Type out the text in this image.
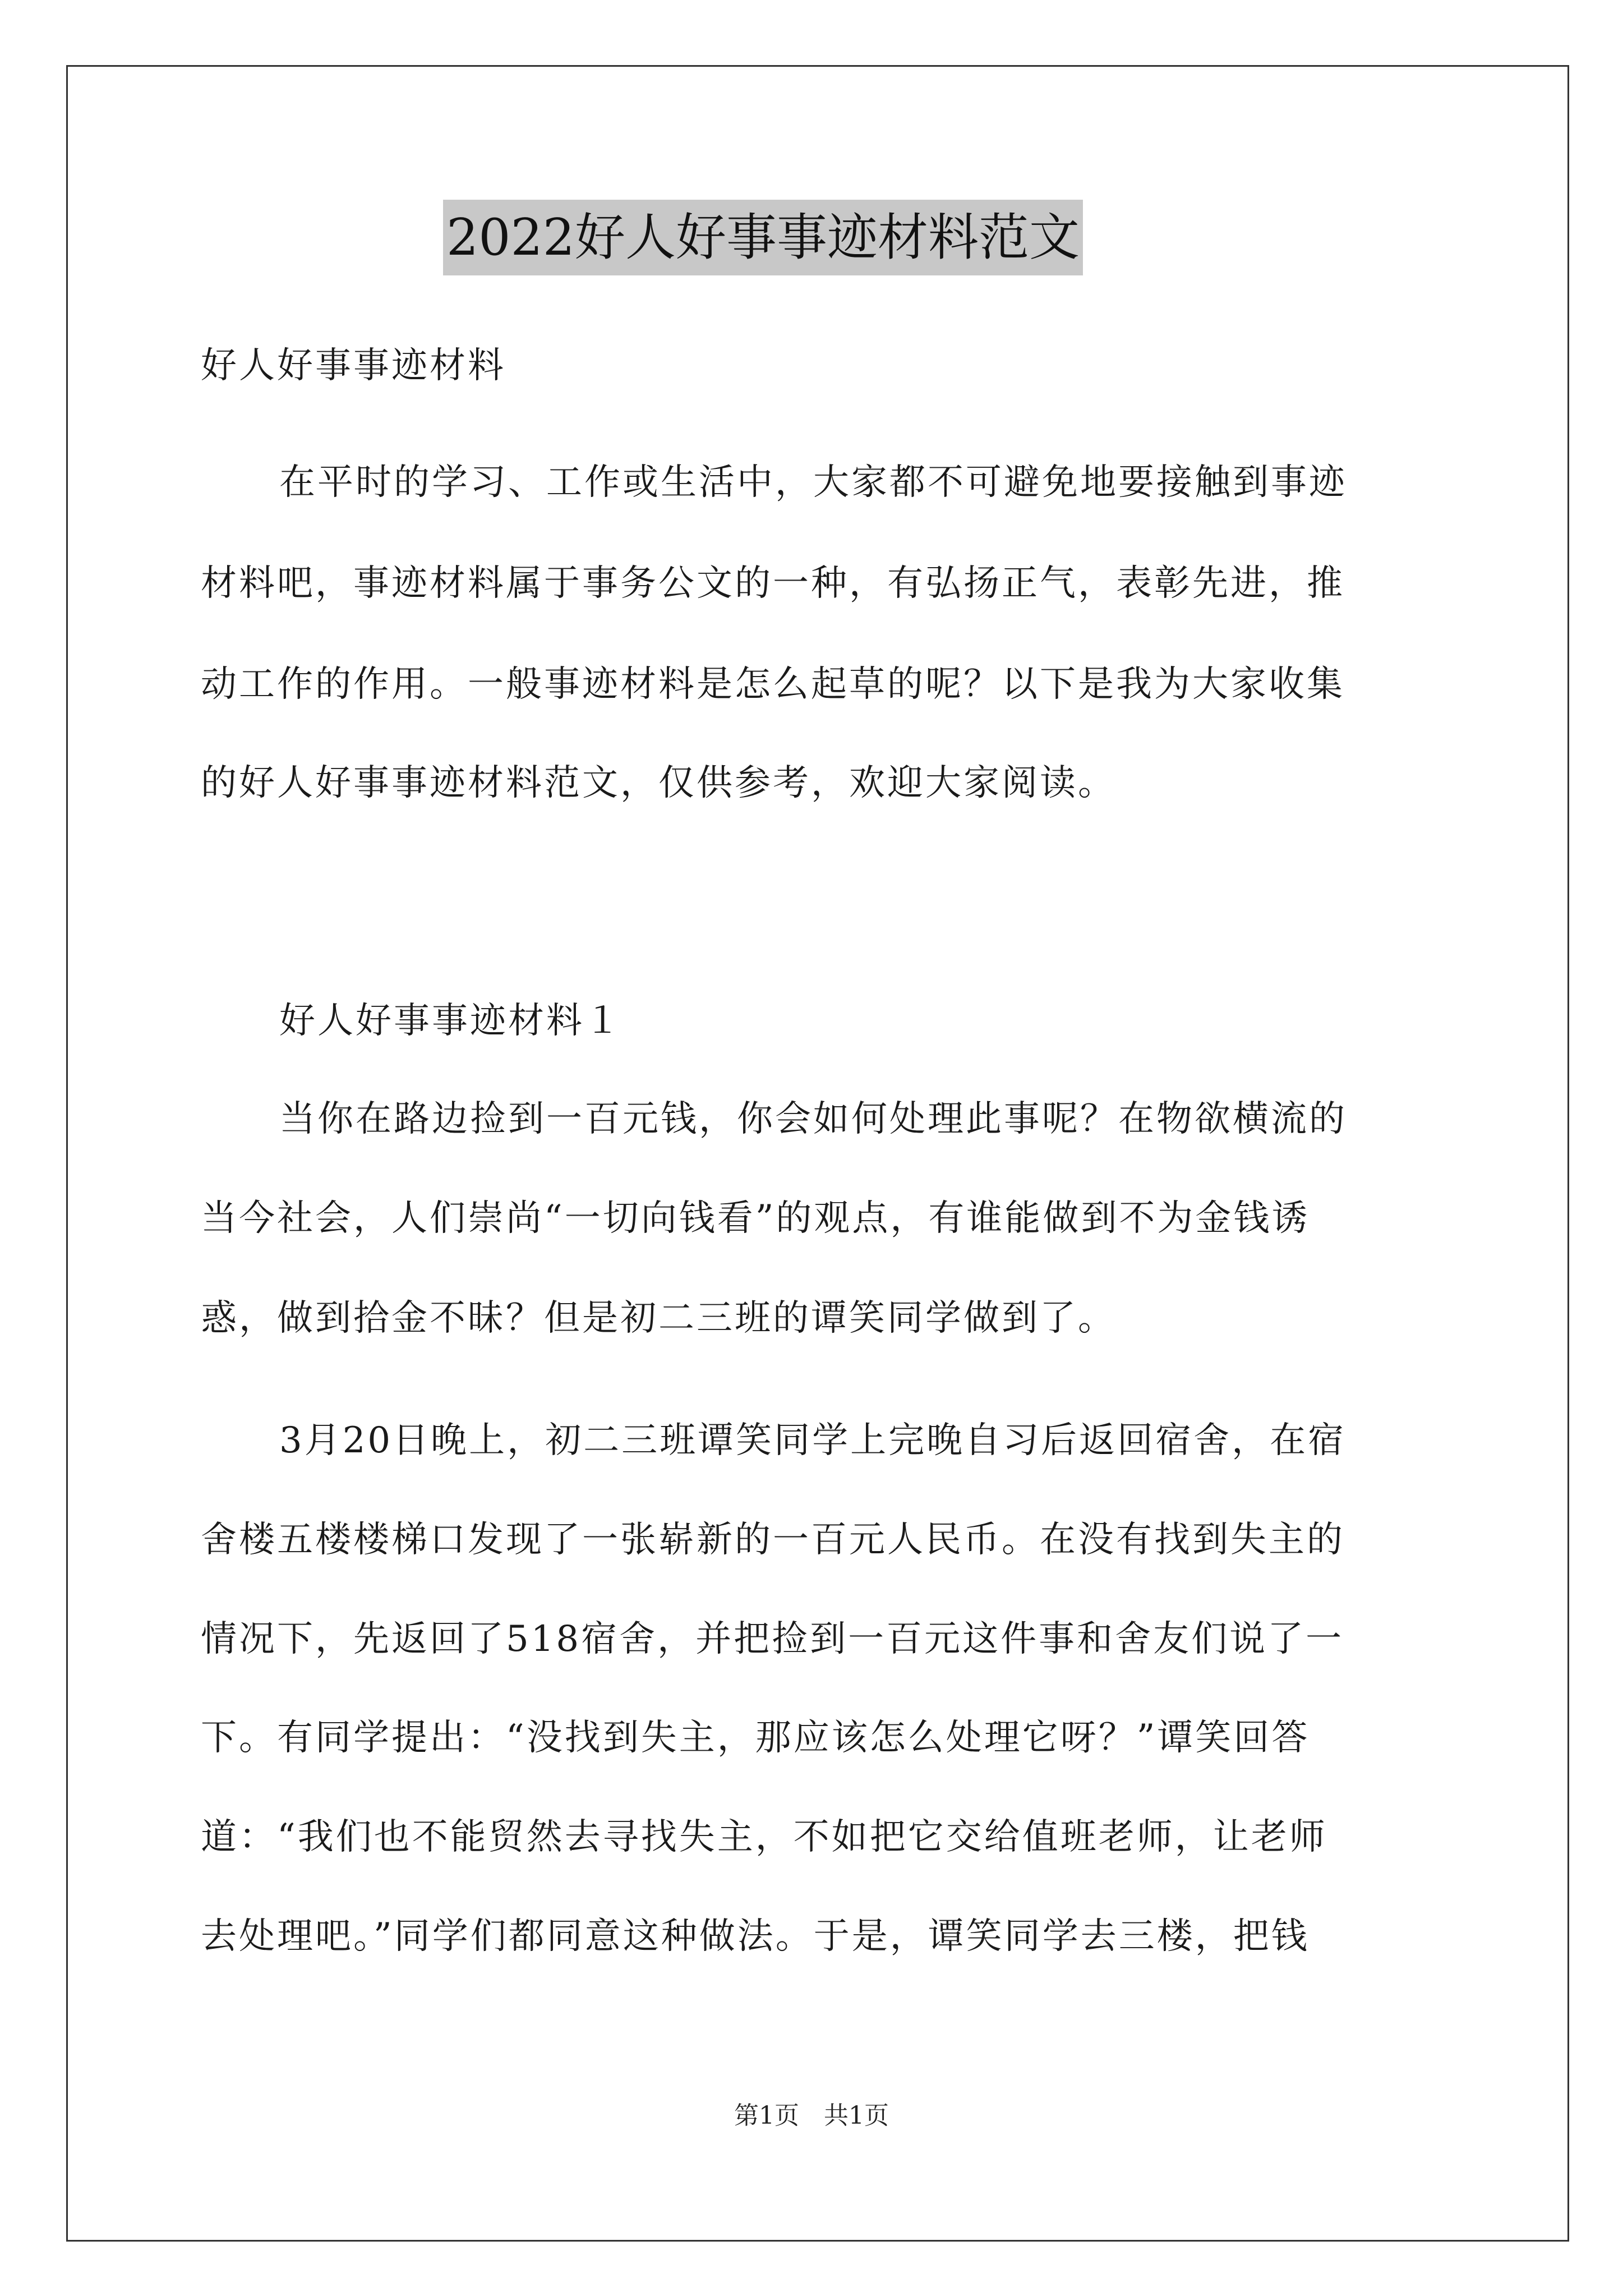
2022好人好事事迹材料范文
好人好事事迹材料
在平时的学习、工作或生活中，大家都不可避免地要接触到事迹
材料吧，事迹材料属于事务公文的一种，有弘扬正气，表彰先进，推
动工作的作用。一般事迹材料是怎么起草的呢？以下是我为大家收集
的好人好事事迹材料范文，仅供参考，欢迎大家阅读。
好人好事事迹材料１
当你在路边捡到一百元钱，你会如何处理此事呢？在物欲横流的
当今社会，人们崇尚“一切向钱看”的观点，有谁能做到不为金钱诱
惑，做到拾金不昧？但是初二三班的谭笑同学做到了。
3月20日晚上，初二三班谭笑同学上完晚自习后返回宿舍，在宿
舍楼五楼楼梯口发现了一张崭新的一百元人民币。在没有找到失主的
情况下，先返回了518宿舍，并把捡到一百元这件事和舍友们说了一
下。有同学提出：“没找到失主，那应该怎么处理它呀？”谭笑回答
道：“我们也不能贸然去寻找失主，不如把它交给值班老师，让老师
去处理吧。”同学们都同意这种做法。于是，谭笑同学去三楼，把钱
第1页　共1页
